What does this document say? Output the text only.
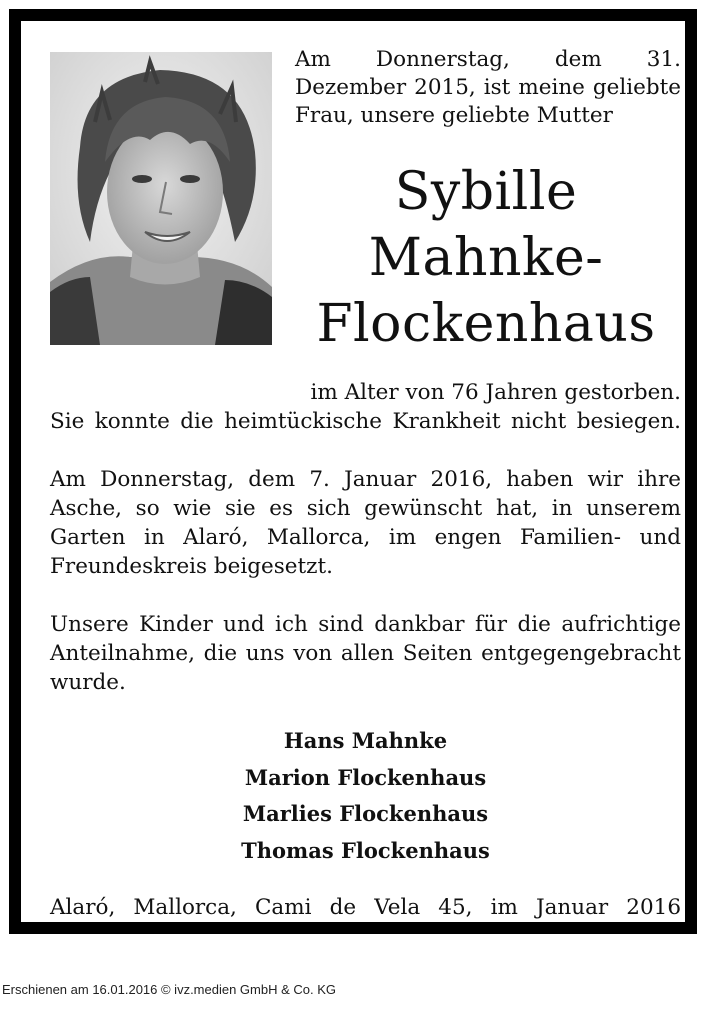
Am Donnerstag, dem 31. Dezember 2015, ist meine geliebte Frau, unsere geliebte Mutter

Sybille
Mahnke-
Flockenhaus

im Alter von 76 Jahren gestorben.

Sie konnte die heimtückische Krankheit nicht besiegen.

Am Donnerstag, dem 7. Januar 2016, haben wir ihre Asche, so wie sie es sich gewünscht hat, in unserem Garten in Alaró, Mallorca, im engen Familien- und Freundeskreis beigesetzt.

Unsere Kinder und ich sind dankbar für die aufrichtige Anteilnahme, die uns von allen Seiten entgegengebracht wurde.

Hans Mahnke
Marion Flockenhaus
Marlies Flockenhaus
Thomas Flockenhaus

Alaró, Mallorca, Cami de Vela 45, im Januar 2016

Erschienen am 16.01.2016 © ivz.medien GmbH & Co. KG
